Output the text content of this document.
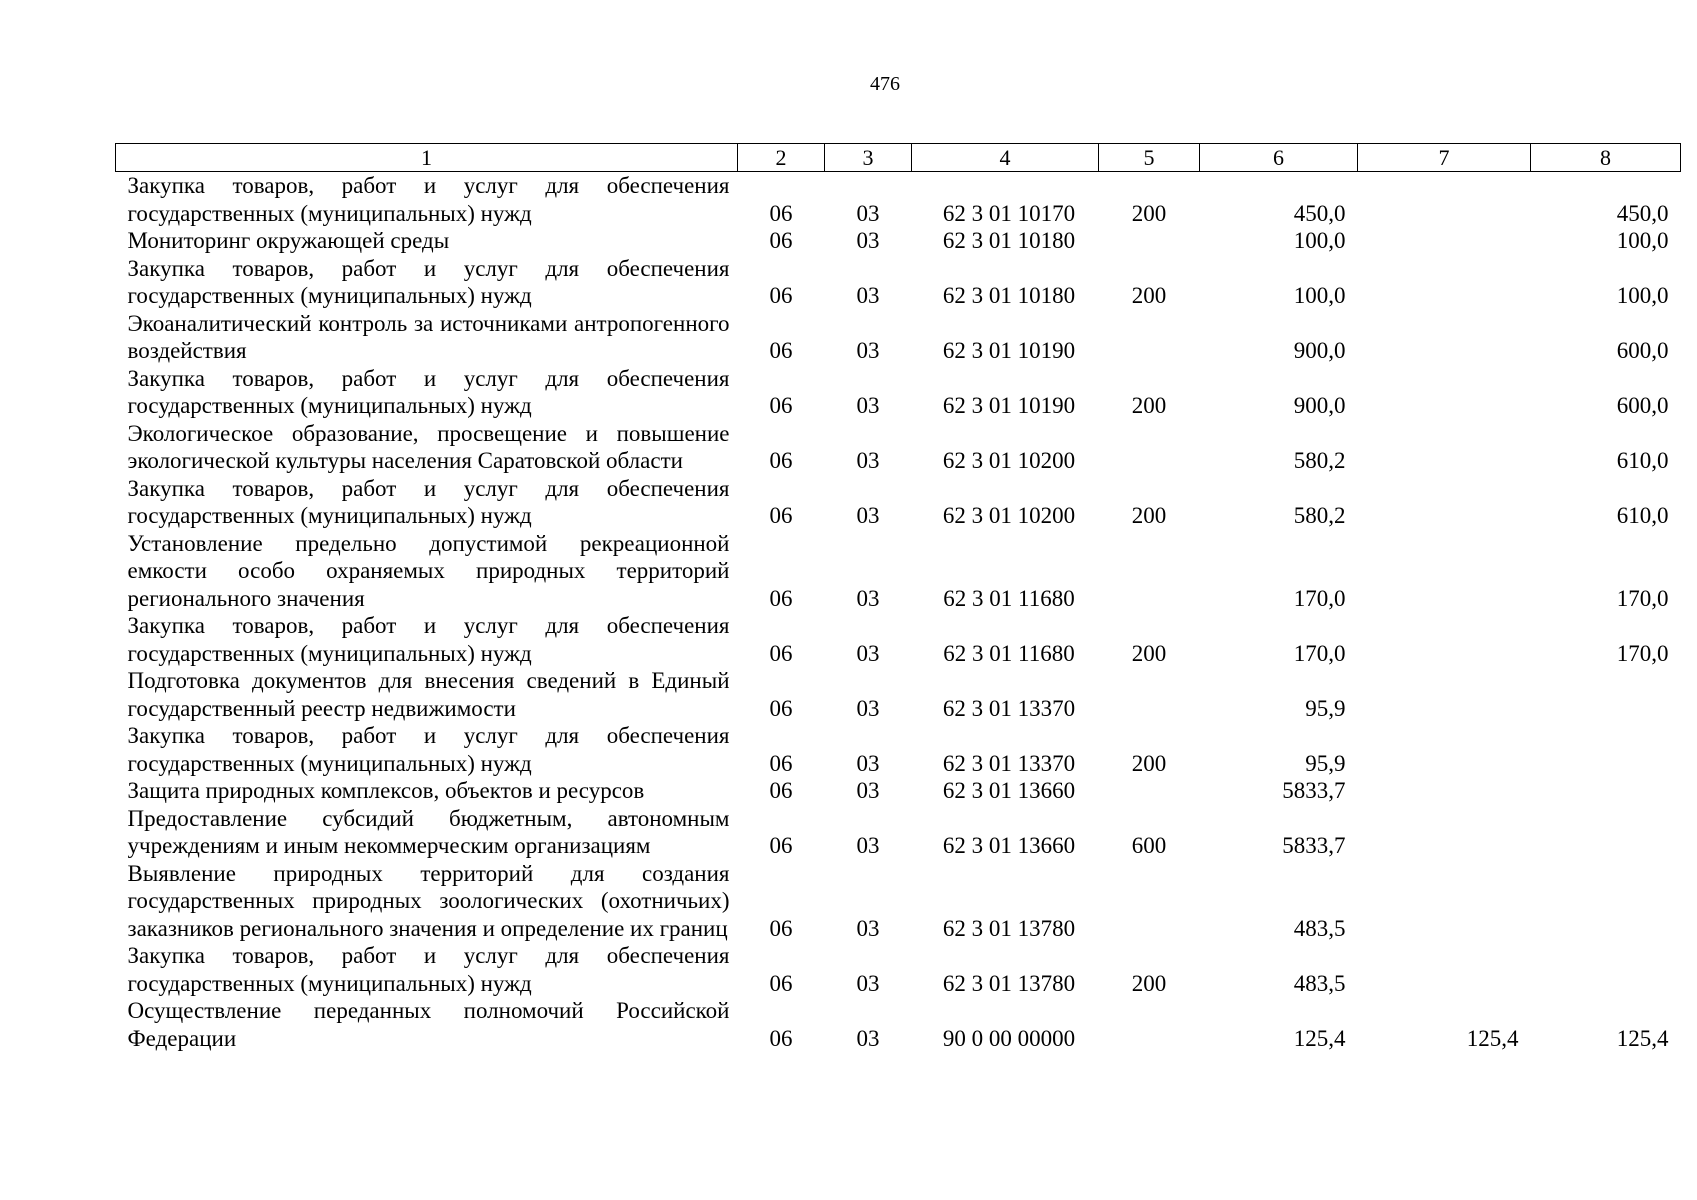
476
1	2	3	4	5	6	7	8
Закупка товаров, работ и услуг для обеспечения государственных (муниципальных) нужд	06	03	62 3 01 10170	200	450,0		450,0
Мониторинг окружающей среды	06	03	62 3 01 10180		100,0		100,0
Закупка товаров, работ и услуг для обеспечения государственных (муниципальных) нужд	06	03	62 3 01 10180	200	100,0		100,0
Экоаналитический контроль за источниками антропогенного воздействия	06	03	62 3 01 10190		900,0		600,0
Закупка товаров, работ и услуг для обеспечения государственных (муниципальных) нужд	06	03	62 3 01 10190	200	900,0		600,0
Экологическое образование, просвещение и повышение экологической культуры населения Саратовской области	06	03	62 3 01 10200		580,2		610,0
Закупка товаров, работ и услуг для обеспечения государственных (муниципальных) нужд	06	03	62 3 01 10200	200	580,2		610,0
Установление предельно допустимой рекреационной емкости особо охраняемых природных территорий регионального значения	06	03	62 3 01 11680		170,0		170,0
Закупка товаров, работ и услуг для обеспечения государственных (муниципальных) нужд	06	03	62 3 01 11680	200	170,0		170,0
Подготовка документов для внесения сведений в Единый государственный реестр недвижимости	06	03	62 3 01 13370		95,9		
Закупка товаров, работ и услуг для обеспечения государственных (муниципальных) нужд	06	03	62 3 01 13370	200	95,9		
Защита природных комплексов, объектов и ресурсов	06	03	62 3 01 13660		5833,7		
Предоставление субсидий бюджетным, автономным учреждениям и иным некоммерческим организациям	06	03	62 3 01 13660	600	5833,7		
Выявление природных территорий для создания государственных природных зоологических (охотничьих) заказников регионального значения и определение их границ	06	03	62 3 01 13780		483,5		
Закупка товаров, работ и услуг для обеспечения государственных (муниципальных) нужд	06	03	62 3 01 13780	200	483,5		
Осуществление переданных полномочий Российской Федерации	06	03	90 0 00 00000		125,4	125,4	125,4
